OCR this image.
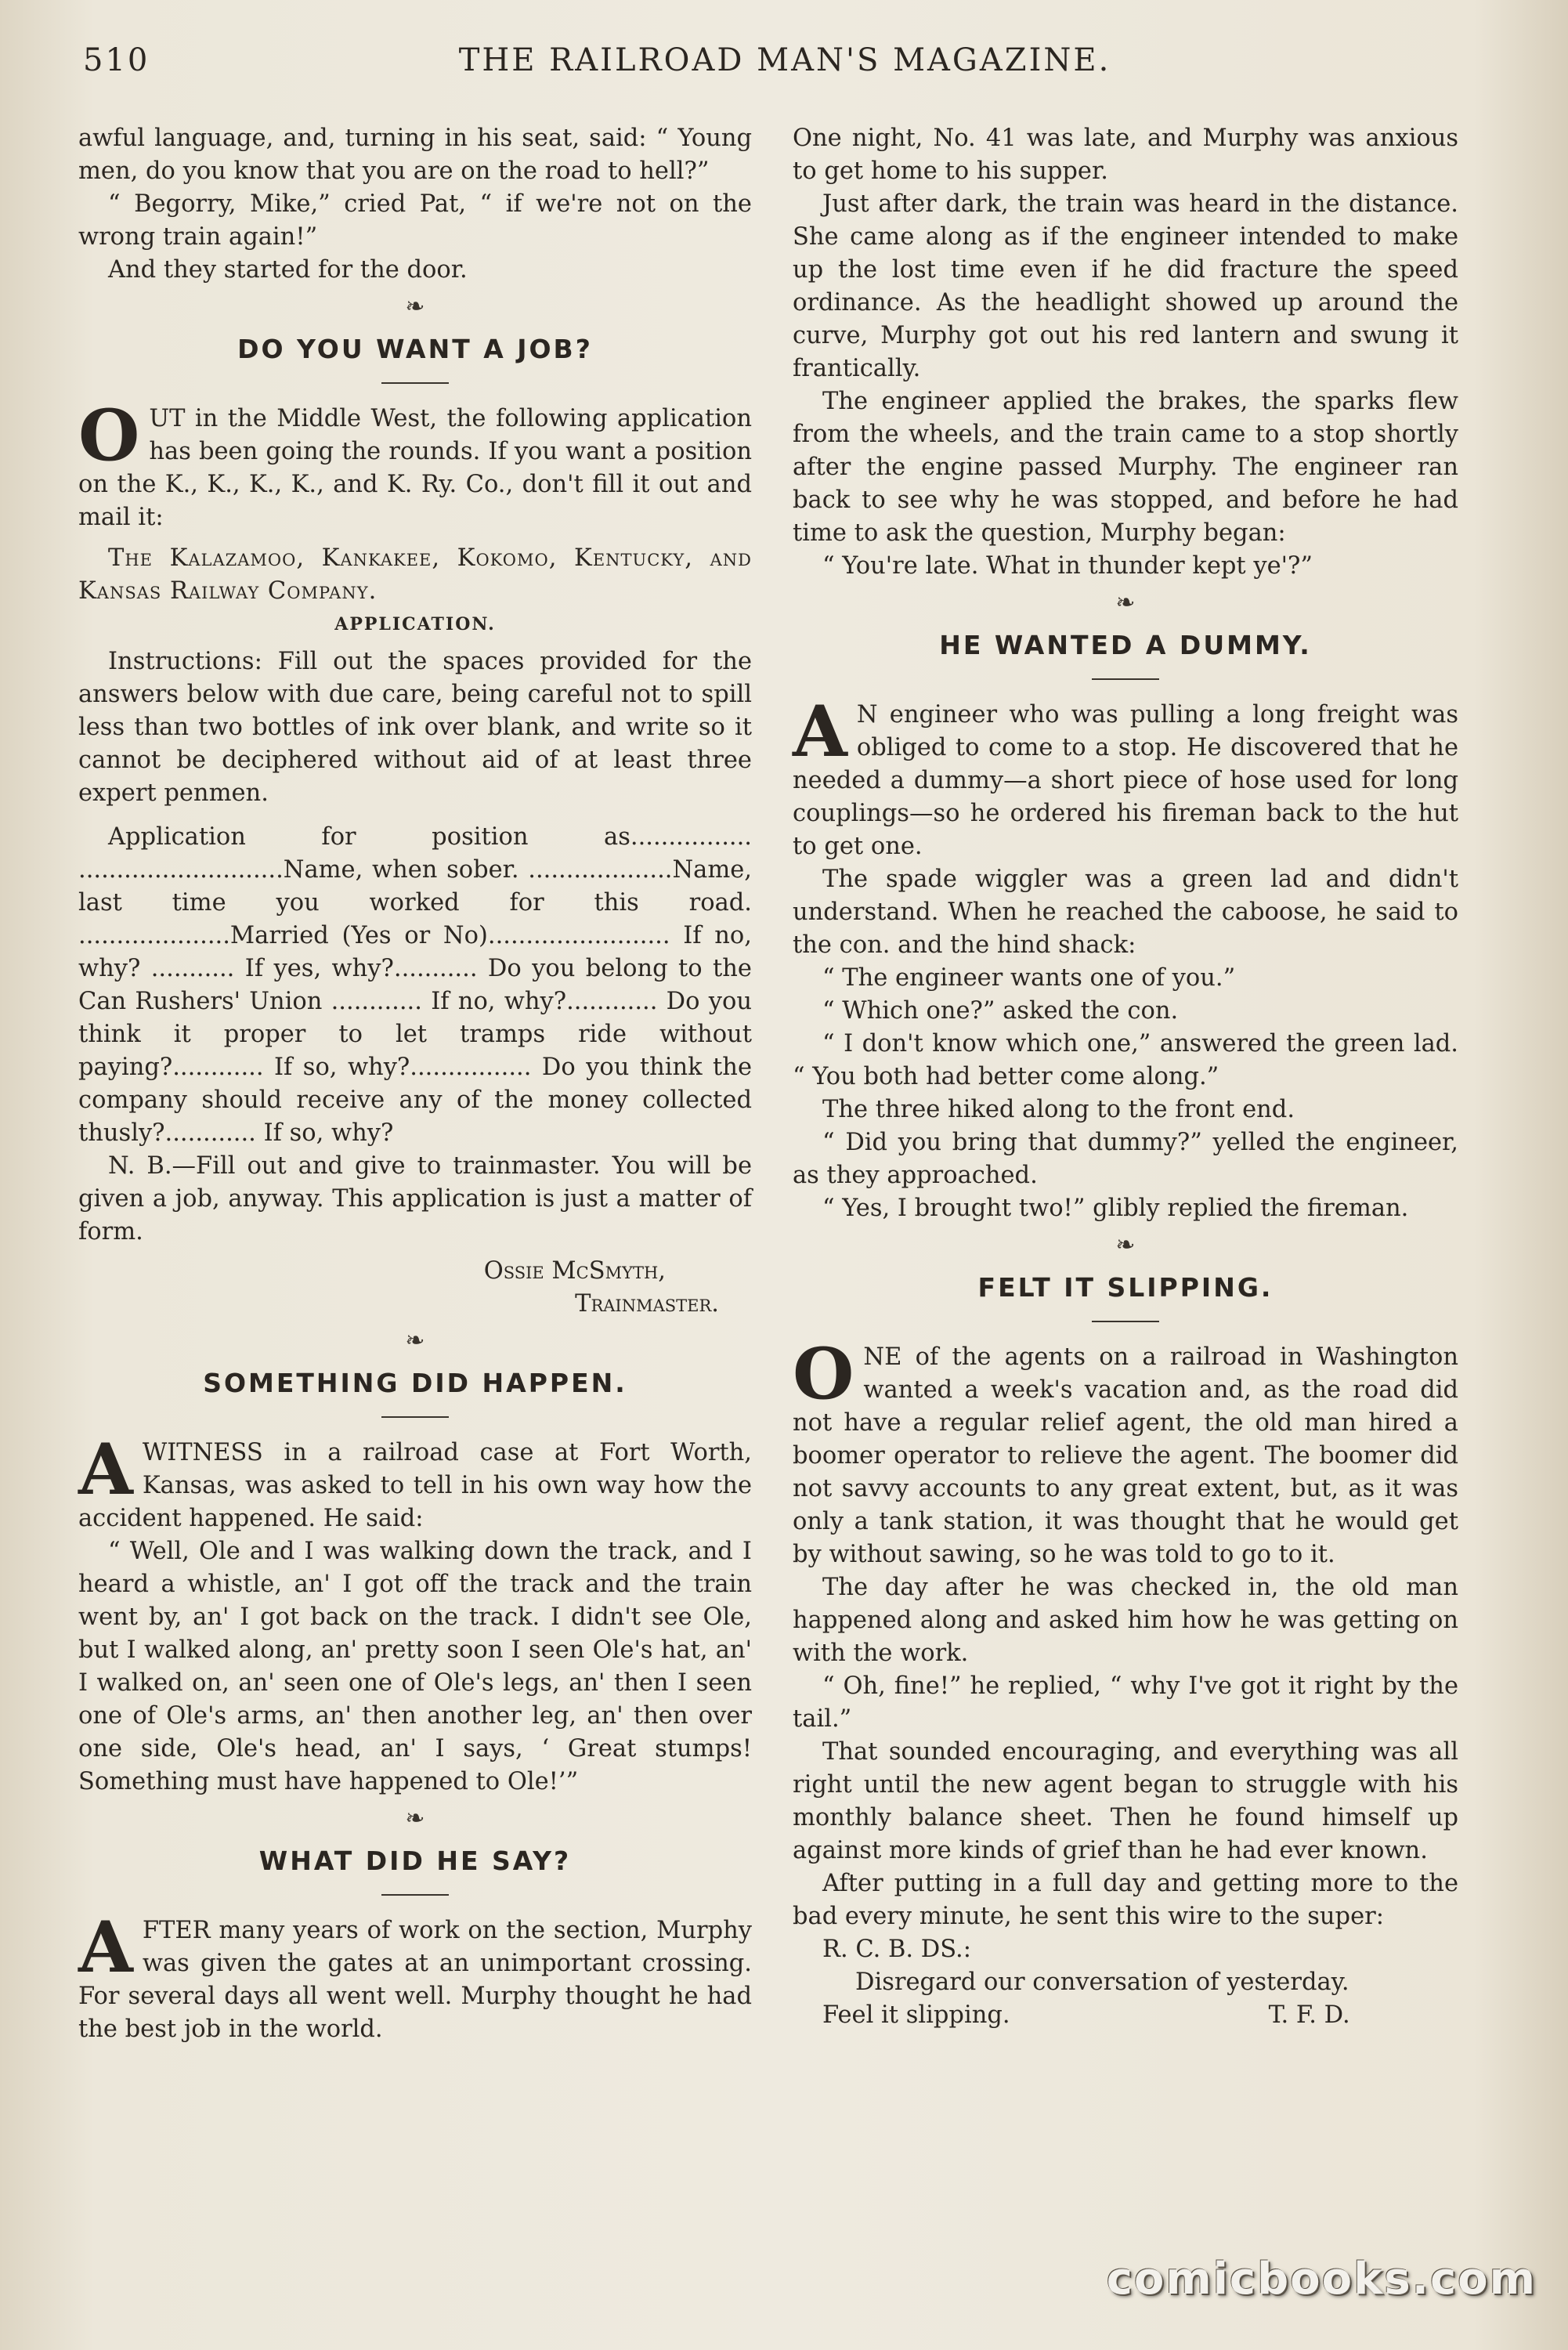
510	THE RAILROAD MAN'S MAGAZINE.

awful language, and, turning in his seat, said: “ Young men, do you know that you are on the road to hell?”

“ Begorry, Mike,” cried Pat, “ if we're not on the wrong train again!”

And they started for the door.

❧
DO YOU WANT A JOB?

OUT in the Middle West, the following application has been going the rounds. If you want a position on the K., K., K., K., and K. Ry. Co., don't fill it out and mail it:

The Kalazamoo, Kankakee, Kokomo, Kentucky, and Kansas Railway Company.

APPLICATION.

Instructions: Fill out the spaces provided for the answers below with due care, being careful not to spill less than two bottles of ink over blank, and write so it cannot be deciphered without aid of at least three expert penmen.

Application for position as................ ...........................Name, when sober. ...................Name, last time you worked for this road. ....................Married (Yes or No)........................ If no, why? ........... If yes, why?........... Do you belong to the Can Rushers' Union ............ If no, why?............ Do you think it proper to let tramps ride without paying?............ If so, why?................ Do you think the company should receive any of the money collected thusly?............ If so, why?

N. B.—Fill out and give to trainmaster. You will be given a job, anyway. This application is just a matter of form.

Ossie McSmyth,

Trainmaster.

❧
SOMETHING DID HAPPEN.

AWITNESS in a railroad case at Fort Worth, Kansas, was asked to tell in his own way how the accident happened. He said:

“ Well, Ole and I was walking down the track, and I heard a whistle, an' I got off the track and the train went by, an' I got back on the track. I didn't see Ole, but I walked along, an' pretty soon I seen Ole's hat, an' I walked on, an' seen one of Ole's legs, an' then I seen one of Ole's arms, an' then another leg, an' then over one side, Ole's head, an' I says, ‘ Great stumps! Something must have happened to Ole!’”

❧
WHAT DID HE SAY?

AFTER many years of work on the section, Murphy was given the gates at an unimportant crossing. For several days all went well. Murphy thought he had the best job in the world.

One night, No. 41 was late, and Murphy was anxious to get home to his supper.

Just after dark, the train was heard in the distance. She came along as if the engineer intended to make up the lost time even if he did fracture the speed ordinance. As the headlight showed up around the curve, Murphy got out his red lantern and swung it frantically.

The engineer applied the brakes, the sparks flew from the wheels, and the train came to a stop shortly after the engine passed Murphy. The engineer ran back to see why he was stopped, and before he had time to ask the question, Murphy began:

“ You're late. What in thunder kept ye'?”

❧
HE WANTED A DUMMY.

A N engineer who was pulling a long freight was obliged to come to a stop. He discovered that he needed a dummy—a short piece of hose used for long couplings—so he ordered his fireman back to the hut to get one.

The spade wiggler was a green lad and didn't understand. When he reached the caboose, he said to the con. and the hind shack:

“ The engineer wants one of you.”

“ Which one?” asked the con.

“ I don't know which one,” answered the green lad. “ You both had better come along.”

The three hiked along to the front end.

“ Did you bring that dummy?” yelled the engineer, as they approached.

“ Yes, I brought two!” glibly replied the fireman.

❧
FELT IT SLIPPING.

ONE of the agents on a railroad in Washington wanted a week's vacation and, as the road did not have a regular relief agent, the old man hired a boomer operator to relieve the agent. The boomer did not savvy accounts to any great extent, but, as it was only a tank station, it was thought that he would get by without sawing, so he was told to go to it.

The day after he was checked in, the old man happened along and asked him how he was getting on with the work.

“ Oh, fine!” he replied, “ why I've got it right by the tail.”

That sounded encouraging, and everything was all right until the new agent began to struggle with his monthly balance sheet. Then he found himself up against more kinds of grief than he had ever known.

After putting in a full day and getting more to the bad every minute, he sent this wire to the super:

R. C. B. DS.:

Disregard our conversation of yesterday.

Feel it slipping.	T. F. D.

comicbooks.com
